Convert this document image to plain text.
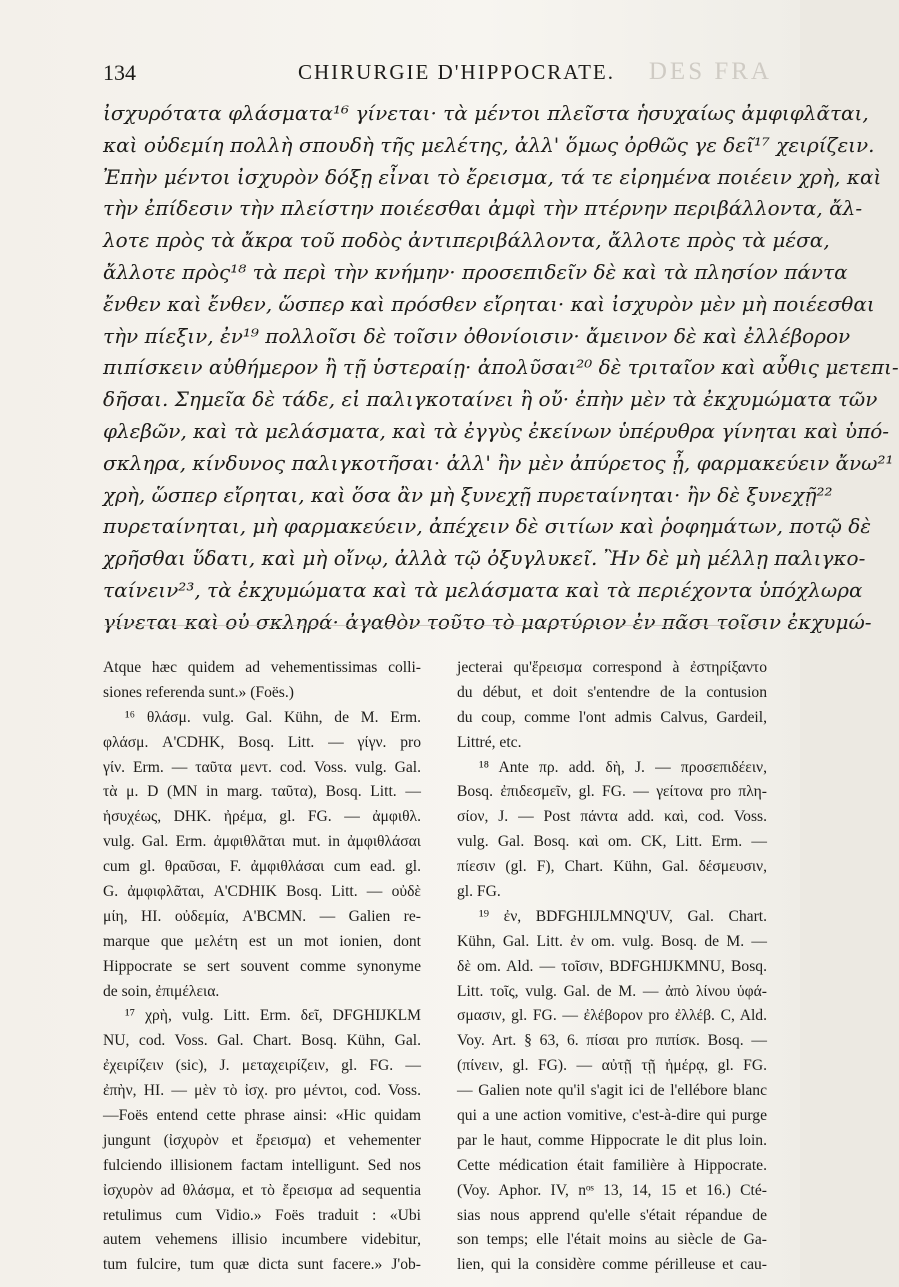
DES FRA
134	CHIRURGIE D'HIPPOCRATE.
ἰσχυρότατα φλάσματα¹⁶ γίνεται· τὰ μέντοι πλεῖστα ἡσυχαίως ἀμφιφλᾶται,
καὶ οὐδεμίη πολλὴ σπουδὴ τῆς μελέτης, ἀλλ' ὅμως ὀρθῶς γε δεῖ¹⁷ χειρίζειν.
Ἐπὴν μέντοι ἰσχυρὸν δόξῃ εἶναι τὸ ἔρεισμα, τά τε εἰρημένα ποιέειν χρὴ, καὶ
τὴν ἐπίδεσιν τὴν πλείστην ποιέεσθαι ἀμφὶ τὴν πτέρνην περιβάλλοντα, ἄλ-
λοτε πρὸς τὰ ἄκρα τοῦ ποδὸς ἀντιπεριβάλλοντα, ἄλλοτε πρὸς τὰ μέσα,
ἄλλοτε πρὸς¹⁸ τὰ περὶ τὴν κνήμην· προσεπιδεῖν δὲ καὶ τὰ πλησίον πάντα
ἔνθεν καὶ ἔνθεν, ὥσπερ καὶ πρόσθεν εἴρηται· καὶ ἰσχυρὸν μὲν μὴ ποιέεσθαι
τὴν πίεξιν, ἐν¹⁹ πολλοῖσι δὲ τοῖσιν ὀθονίοισιν· ἄμεινον δὲ καὶ ἐλλέβορον
πιπίσκειν αὐθήμερον ἢ τῇ ὑστεραίῃ· ἀπολῦσαι²⁰ δὲ τριταῖον καὶ αὖθις μετεπι-
δῆσαι. Σημεῖα δὲ τάδε, εἰ παλιγκοταίνει ἢ οὔ· ἐπὴν μὲν τὰ ἐκχυμώματα τῶν
φλεβῶν, καὶ τὰ μελάσματα, καὶ τὰ ἐγγὺς ἐκείνων ὑπέρυθρα γίνηται καὶ ὑπό-
σκληρα, κίνδυνος παλιγκοτῆσαι· ἀλλ' ἢν μὲν ἀπύρετος ᾖ, φαρμακεύειν ἄνω²¹
χρὴ, ὥσπερ εἴρηται, καὶ ὅσα ἂν μὴ ξυνεχῇ πυρεταίνηται· ἢν δὲ ξυνεχῇ²²
πυρεταίνηται, μὴ φαρμακεύειν, ἀπέχειν δὲ σιτίων καὶ ῥοφημάτων, ποτῷ δὲ
χρῆσθαι ὕδατι, καὶ μὴ οἴνῳ, ἀλλὰ τῷ ὀξυγλυκεῖ. Ἢν δὲ μὴ μέλλῃ παλιγκο-
ταίνειν²³, τὰ ἐκχυμώματα καὶ τὰ μελάσματα καὶ τὰ περιέχοντα ὑπόχλωρα
γίνεται καὶ οὐ σκληρά· ἀγαθὸν τοῦτο τὸ μαρτύριον ἐν πᾶσι τοῖσιν ἐκχυμώ-
Atque hæc quidem ad vehementissimas colli-
siones referenda sunt.» (Foës.)
¹⁶ θλάσμ. vulg. Gal. Kühn, de M. Erm.
φλάσμ. A'CDHK, Bosq. Litt. — γίγν. pro
γίν. Erm. — ταῦτα μεντ. cod. Voss. vulg. Gal.
τὰ μ. D (MN in marg. ταῦτα), Bosq. Litt. —
ἡσυχέως, DHK. ἠρέμα, gl. FG. — ἀμφιθλ.
vulg. Gal. Erm. ἀμφιθλᾶται mut. in ἀμφιθλάσαι
cum gl. θραῦσαι, F. ἀμφιθλάσαι cum ead. gl.
G. ἀμφιφλᾶται, A'CDHIK Bosq. Litt. — οὐδὲ
μίη, HI. οὐδεμία, A'BCMN. — Galien re-
marque que μελέτη est un mot ionien, dont
Hippocrate se sert souvent comme synonyme
de soin, ἐπιμέλεια.
¹⁷ χρὴ, vulg. Litt. Erm. δεῖ, DFGHIJKLM
NU, cod. Voss. Gal. Chart. Bosq. Kühn, Gal.
ἐχειρίζειν (sic), J. μεταχειρίζειν, gl. FG. —
ἐπὴν, HI. — μὲν τὸ ἰσχ. pro μέντοι, cod. Voss.
—Foës entend cette phrase ainsi: «Hic quidam
jungunt (ἰσχυρὸν et ἔρεισμα) et vehementer
fulciendo illisionem factam intelligunt. Sed nos
ἰσχυρὸν ad θλάσμα, et τὸ ἔρεισμα ad sequentia
retulimus cum Vidio.» Foës traduit : «Ubi
autem vehemens illisio incumbere videbitur,
tum fulcire, tum quæ dicta sunt facere.» J'ob-
jecterai qu'ἔρεισμα correspond à ἐστηρίξαντο
du début, et doit s'entendre de la contusion
du coup, comme l'ont admis Calvus, Gardeil,
Littré, etc.
¹⁸ Ante πρ. add. δὴ, J. — προσεπιδέειν,
Bosq. ἐπιδεσμεῖν, gl. FG. — γείτονα pro πλη-
σίον, J. — Post πάντα add. καὶ, cod. Voss.
vulg. Gal. Bosq. καὶ om. CK, Litt. Erm. —
πίεσιν (gl. F), Chart. Kühn, Gal. δέσμευσιν,
gl. FG.
¹⁹ ἐν, BDFGHIJLMNQ'UV, Gal. Chart.
Kühn, Gal. Litt. ἐν om. vulg. Bosq. de M. —
δὲ om. Ald. — τοῖσιν, BDFGHIJKMNU, Bosq.
Litt. τοῖς, vulg. Gal. de M. — ἀπὸ λίνου ὑφά-
σμασιν, gl. FG. — ἐλέβορον pro ἐλλέβ. C, Ald.
Voy. Art. § 63, 6. πίσαι pro πιπίσκ. Bosq. —
(πίνειν, gl. FG). — αὐτῇ τῇ ἡμέρᾳ, gl. FG.
— Galien note qu'il s'agit ici de l'ellébore blanc
qui a une action vomitive, c'est-à-dire qui purge
par le haut, comme Hippocrate le dit plus loin.
Cette médication était familière à Hippocrate.
(Voy. Aphor. IV, nᵒˢ 13, 14, 15 et 16.) Cté-
sias nous apprend qu'elle s'était répandue de
son temps; elle l'était moins au siècle de Ga-
lien, qui la considère comme périlleuse et cau-
